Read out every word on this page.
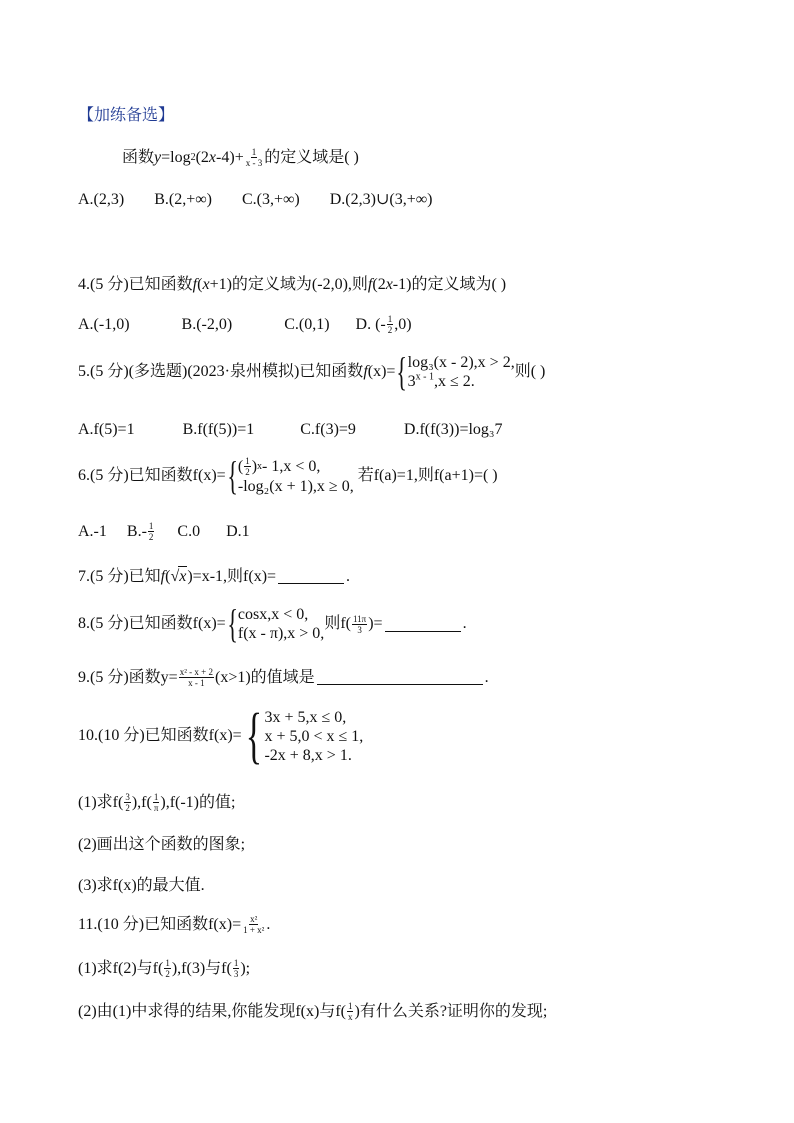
【加练备选】
函数 y =log 2 (2 x $-4)+ \frac{1}{x - 3}$ 的定义域是( )
A.(2,3) B.(2,+∞) C.(3,+∞) D.(2,3)∪(3,+∞)
4.(5 分)已知函数 f ( x +1)的定义域为(-2,0),则 f (2 x -1)的定义域为( )
A.(-1,0)	B.(-2,0)	C.(0,1) D. (- $\frac{1}{2} ,0$)
5.(5 分)(多选题)(2023·泉州模拟)已知函数 f (x)= { log₃(x - 2),x > 2,
$3^{x - 1},x \le 2$.
则( )
A.f(5)=1	B.f(f(5))=1	C.f(3)=9	D.f(f(3))=log₃7
6.(5 分)已知函数 f(x)= { ( $\frac{1}{2}$ ) x - 1,x < 0,
-log₂(x + 1),x ≥ 0,
若 f(a)=1,则 f(a+1)=( )
A.-1 $B.- \frac{1}{2} C.0$ D.1
7.(5 分)已知 f ( √ x )=x-1,则 f(x)=	.
8.(5 分)已知函数 f(x)= { cosx,x < 0,
f(x - π),x > 0,
则 $f( \frac{11\pi}{3}$ )=	.
9.(5 分)函数 $y= \frac{\text{x² - x + 2}}{x - 1} (x>1)$的值域是	.
10.(10 分)已知函数 f(x)= { 3x + 5,x ≤ 0,
x + 5,0 < x ≤ 1,
-2x + 8,x > 1.
(1)求 $f( \frac{3}{2} ),f( \frac{1}{\pi} ),f(-1)$的值;
(2)画出这个函数的图象;
(3)求 f(x)的最大值.
11.(10 分)已知函数 $f(x)= \frac{\text{x²}}{\text{1 + x²}}$ .
(1)求 f(2)与 $f( \frac{1}{2} ),f(3)$与 $f( \frac{1}{3}$ );
(2)由(1)中求得的结果,你能发现 f(x)与 $f( \frac{1}{x}$ )有什么关系?证明你的发现;
